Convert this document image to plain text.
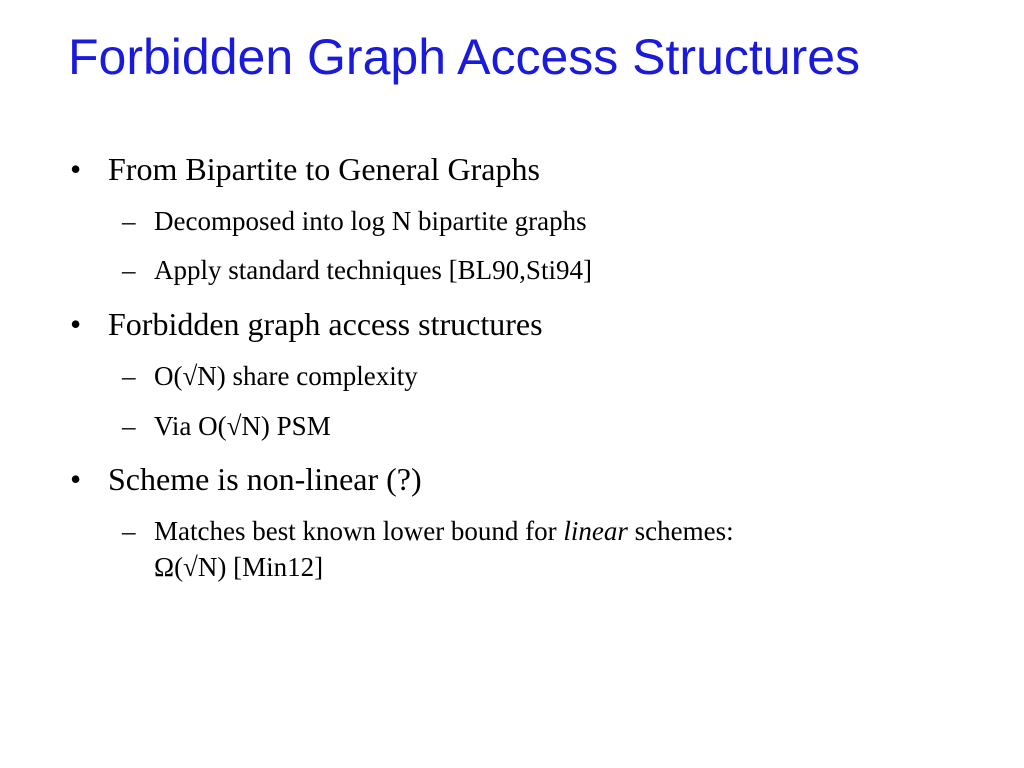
Forbidden Graph Access Structures
• From Bipartite to General Graphs
– Decomposed into log N bipartite graphs
– Apply standard techniques [BL90,Sti94]
• Forbidden graph access structures
– O(√N) share complexity
– Via O(√N) PSM
• Scheme is non-linear (?)
– Matches best known lower bound for linear schemes:
Ω(√N) [Min12]
